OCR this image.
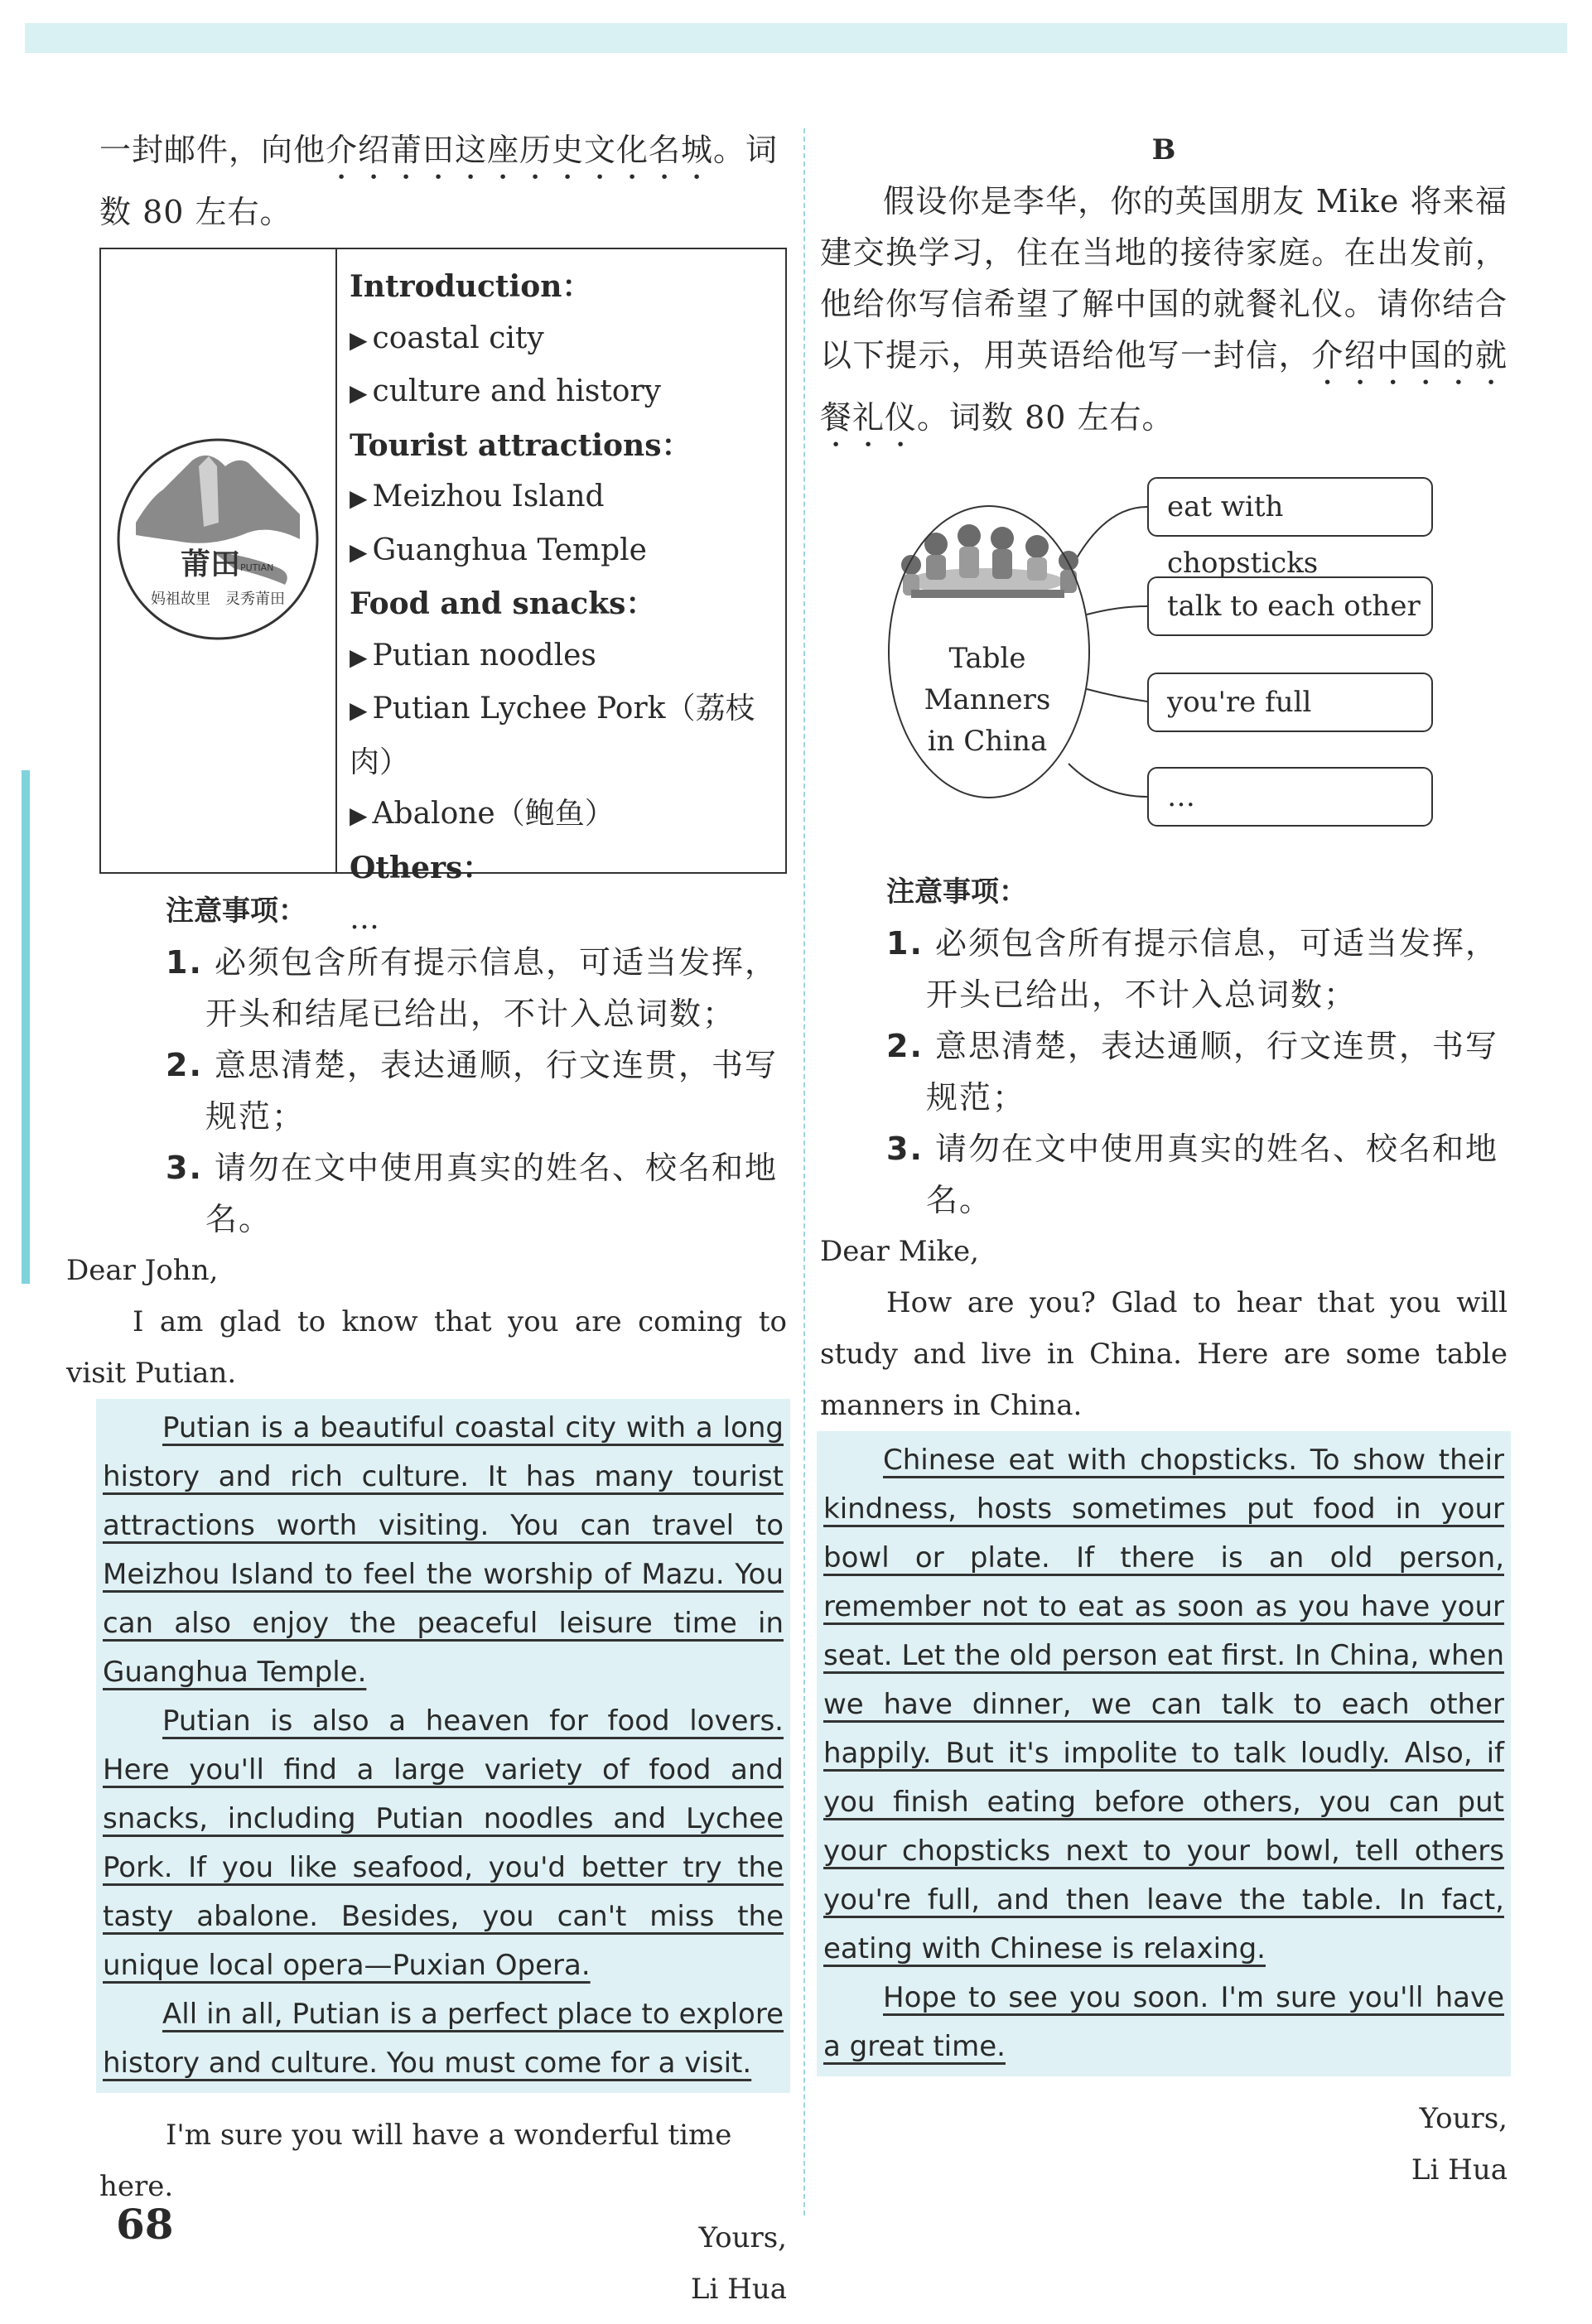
一封邮件，向他介绍莆田这座历史文化名城。词
数 80 左右。
莆田 PUTIAN
妈祖故里　灵秀莆田
Introduction：
▶ coastal city
▶ culture and history
Tourist attractions：
▶ Meizhou Island
▶ Guanghua Temple
Food and snacks：
▶ Putian noodles
▶ Putian Lychee Pork（荔枝肉）
▶ Abalone（鲍鱼）
Others：
…
注意事项：
1. 必须包含所有提示信息，可适当发挥，开头和结尾已给出，不计入总词数；
2. 意思清楚，表达通顺，行文连贯，书写规范；
3. 请勿在文中使用真实的姓名、校名和地名。
Dear John,
I am glad to know that you are coming to visit Putian.

Putian is a beautiful coastal city with a long history and rich culture. It has many tourist attractions worth visiting. You can travel to Meizhou Island to feel the worship of Mazu. You can also enjoy the peaceful leisure time in Guanghua Temple.

Putian is also a heaven for food lovers. Here you'll find a large variety of food and snacks, including Putian noodles and Lychee Pork. If you like seafood, you'd better try the tasty abalone. Besides, you can't miss the unique local opera—Puxian Opera.

All in all, Putian is a perfect place to explore history and culture. You must come for a visit.

I'm sure you will have a wonderful time here.
Yours,
Li Hua
B
假设你是李华，你的英国朋友 Mike 将来福建交换学习，住在当地的接待家庭。在出发前，他给你写信希望了解中国的就餐礼仪。请你结合以下提示，用英语给他写一封信，介绍中国的就餐礼仪。词数 80 左右。
Table
Manners
in China
eat with chopsticks
talk to each other
you're full
…
注意事项：
1. 必须包含所有提示信息，可适当发挥，开头已给出，不计入总词数；
2. 意思清楚，表达通顺，行文连贯，书写规范；
3. 请勿在文中使用真实的姓名、校名和地名。
Dear Mike,
How are you? Glad to hear that you will study and live in China. Here are some table manners in China.

Chinese eat with chopsticks. To show their kindness, hosts sometimes put food in your bowl or plate. If there is an old person, remember not to eat as soon as you have your seat. Let the old person eat first. In China, when we have dinner, we can talk to each other happily. But it's impolite to talk loudly. Also, if you finish eating before others, you can put your chopsticks next to your bowl, tell others you're full, and then leave the table. In fact, eating with Chinese is relaxing.

Hope to see you soon. I'm sure you'll have a great time.

Yours,
Li Hua
68
